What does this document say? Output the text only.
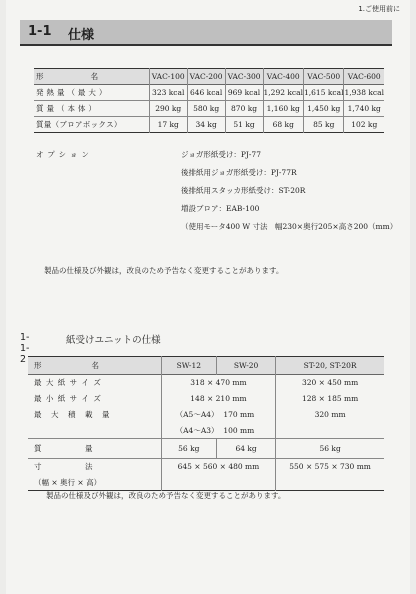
1.ご使用前に
1-1 仕様
形　　　　　　名	VAC-100	VAC-200	VAC-300	VAC-400	VAC-500	VAC-600
発 熱 量 （ 最 大 ）	323 kcal	646 kcal	969 kcal	1,292 kcal	1,615 kcal	1,938 kcal
質 量 （ 本 体 ）	290 kg	580 kg	870 kg	1,160 kg	1,450 kg	1,740 kg
質量（ブロアボックス）	17 kg	34 kg	51 kg	68 kg	85 kg	102 kg
オプション	ジョガ形紙受け：PJ-77
後排紙用ジョガ形紙受け：PJ-77R
後排紙用スタッカ形紙受け：ST-20R
増設ブロア：EAB-100
（使用モータ400 W 寸法　幅230×奥行205×高さ200（mm）
製品の仕様及び外観は，改良のため予告なく変更することがあります。
1-1-2
紙受けユニットの仕様
形　　　　名	SW-12	SW-20	ST-20, ST-20R
最 大 紙 サ イ ズ	318 × 470 mm		320 × 450 mm
最 小 紙 サ イ ズ	148 × 210 mm		128 × 185 mm
最　大　積　載　量	（A5～A4） 170 mm		320 mm
	（A4～A3） 100 mm		
質　　　　　量	56 kg	64 kg	56 kg
寸　　　　　法	645 × 560 × 480 mm		550 × 575 × 730 mm
（幅 × 奥行 × 高）			
製品の仕様及び外観は，改良のため予告なく変更することがあります。
